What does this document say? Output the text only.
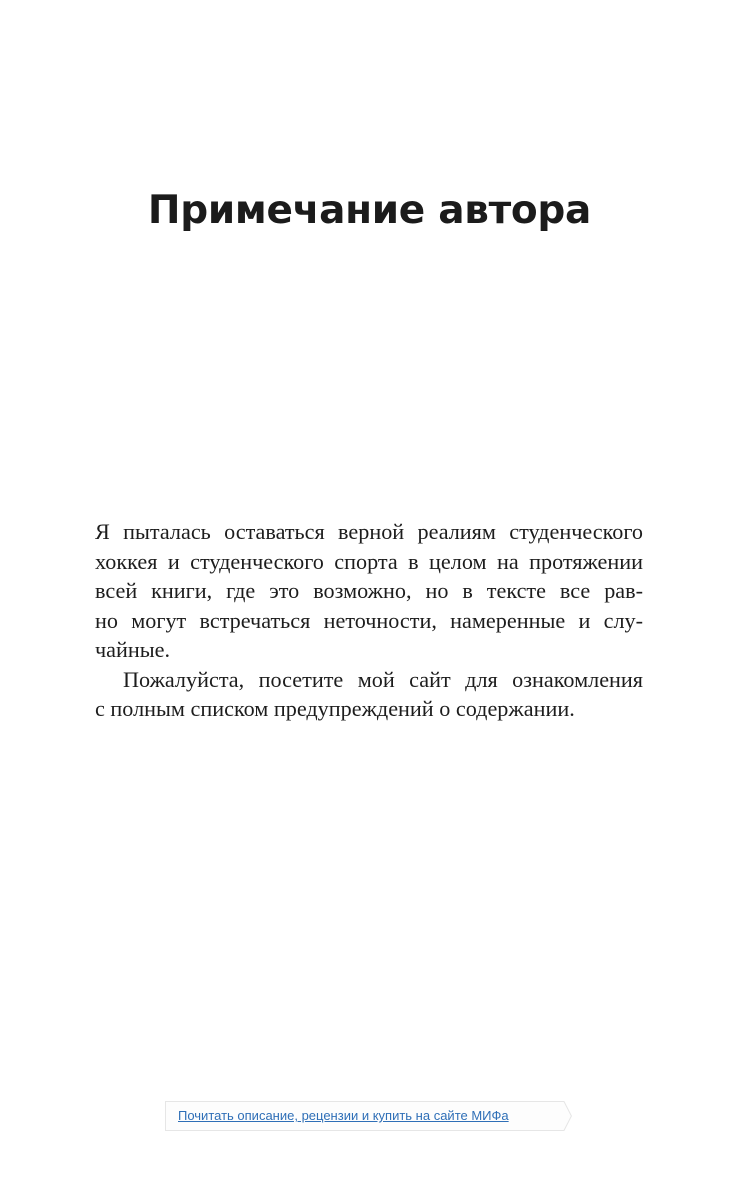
Примечание автора
Я пыталась оставаться верной реалиям студенческого
хоккея и студенческого спорта в целом на протяжении
всей книги, где это возможно, но в тексте все рав-
но могут встречаться неточности, намеренные и слу-
чайные.
Пожалуйста, посетите мой сайт для ознакомления
с полным списком предупреждений о содержании.
Почитать описание, рецензии и купить на сайте МИФа
